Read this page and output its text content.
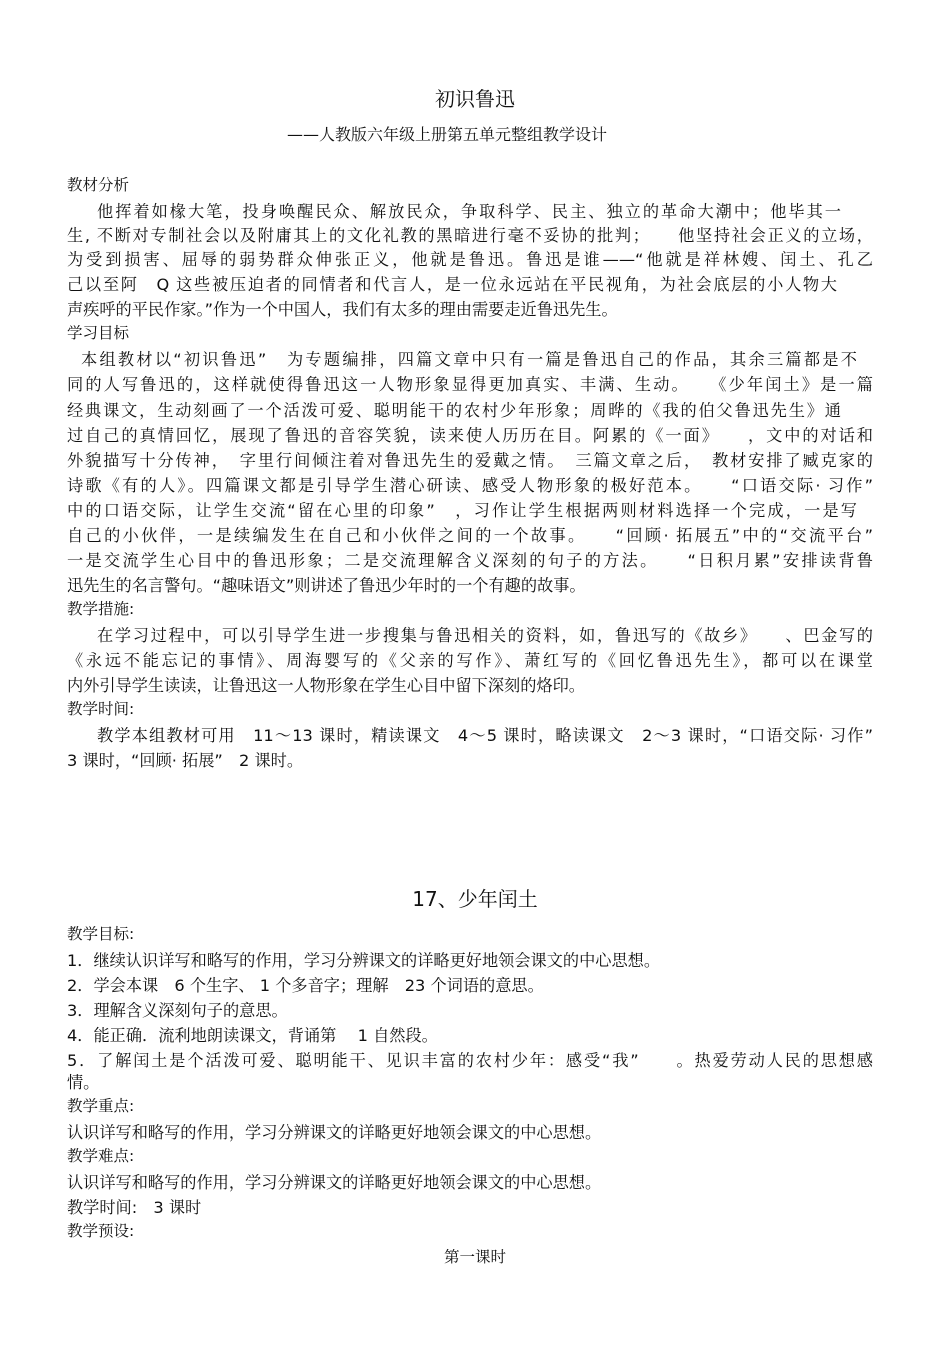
初识鲁迅
——人教版六年级上册第五单元整组教学设计
教材分析
他挥着如椽大笔，投身唤醒民众、解放民众，争取科学、民主、独立的革命大潮中；他毕其一
生, 不断对专制社会以及附庸其上的文化礼教的黑暗进行毫不妥协的批判；　　他坚持社会正义的立场，
为受到损害、屈辱的弱势群众伸张正义，他就是鲁迅。鲁迅是谁——“他就是祥林嫂、闰土、孔乙
己以至阿　Q 这些被压迫者的同情者和代言人，是一位永远站在平民视角，为社会底层的小人物大
声疾呼的平民作家。”作为一个中国人，我们有太多的理由需要走近鲁迅先生。
学习目标
本组教材以“初识鲁迅”　为专题编排，四篇文章中只有一篇是鲁迅自己的作品，其余三篇都是不
同的人写鲁迅的，这样就使得鲁迅这一人物形象显得更加真实、丰满、生动。　　《少年闰土》是一篇
经典课文，生动刻画了一个活泼可爱、聪明能干的农村少年形象；周晔的《我的伯父鲁迅先生》通
过自己的真情回忆，展现了鲁迅的音容笑貌，读来使人历历在目。阿累的《一面》　　，文中的对话和
外貌描写十分传神，　字里行间倾注着对鲁迅先生的爱戴之情。　三篇文章之后，　教材安排了臧克家的
诗歌《有的人》。四篇课文都是引导学生潜心研读、感受人物形象的极好范本。　　“口语交际· 习作”
中的口语交际，让学生交流“留在心里的印象”　，习作让学生根据两则材料选择一个完成，一是写
自己的小伙伴，一是续编发生在自己和小伙伴之间的一个故事。　　“回顾· 拓展五”中的“交流平台”
一是交流学生心目中的鲁迅形象；二是交流理解含义深刻的句子的方法。　　“日积月累”安排读背鲁
迅先生的名言警句。“趣味语文”则讲述了鲁迅少年时的一个有趣的故事。
教学措施:
在学习过程中，可以引导学生进一步搜集与鲁迅相关的资料，如，鲁迅写的《故乡》　　、巴金写的
《永远不能忘记的事情》、周海婴写的《父亲的写作》、萧红写的《回忆鲁迅先生》，都可以在课堂
内外引导学生读读，让鲁迅这一人物形象在学生心目中留下深刻的烙印。
教学时间:
教学本组教材可用　11～13 课时，精读课文　4～5 课时，略读课文　2～3 课时，“口语交际· 习作”
3 课时，“回顾· 拓展”　2 课时。
17、少年闰土
教学目标:
1．继续认识详写和略写的作用，学习分辨课文的详略更好地领会课文的中心思想。
2．学会本课　6 个生字、 1 个多音字；理解　23 个词语的意思。
3．理解含义深刻句子的意思。
4．能正确．流利地朗读课文，背诵第　 1 自然段。
5．了解闰土是个活泼可爱、聪明能干、见识丰富的农村少年：感受“我”　　。热爱劳动人民的思想感
情。
教学重点:
认识详写和略写的作用，学习分辨课文的详略更好地领会课文的中心思想。
教学难点:
认识详写和略写的作用，学习分辨课文的详略更好地领会课文的中心思想。
教学时间:　3 课时
教学预设:
第一课时
